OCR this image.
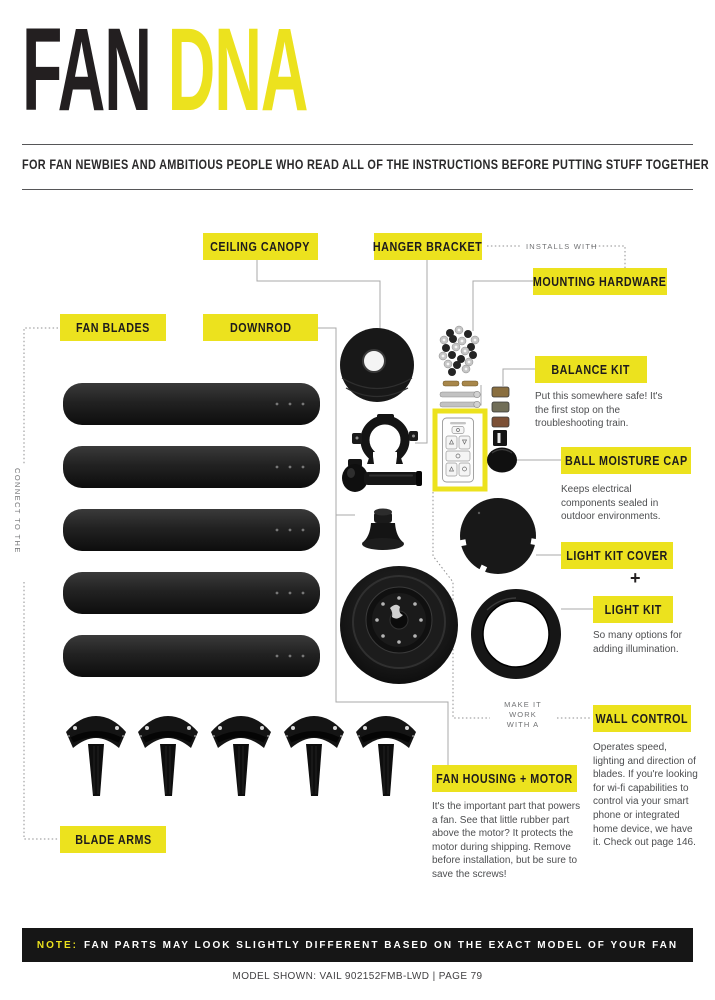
FAN DNA
FOR FAN NEWBIES AND AMBITIOUS PEOPLE WHO READ ALL OF THE INSTRUCTIONS BEFORE PUTTING STUFF TOGETHER
CEILING CANOPY	HANGER BRACKET
MOUNTING HARDWARE
FAN BLADES	DOWNROD
BALANCE KIT
BALL MOISTURE CAP
LIGHT KIT COVER
LIGHT KIT
WALL CONTROL
FAN HOUSING + MOTOR
BLADE ARMS
INSTALLS WITH
CONNECT TO THE
MAKE IT
WORK
WITH A
+
Put this somewhere safe! It's the first stop on the troubleshooting train.
Keeps electrical components sealed in outdoor environments.
So many options for adding illumination.
Operates speed, lighting and direction of blades. If you're looking for wi-fi capabilities to control via your smart phone or integrated home device, we have it. Check out page 146.
It's the important part that powers a fan. See that little rubber part above the motor? It protects the motor during shipping. Remove before installation, but be sure to save the screws!
NOTE: FAN PARTS MAY LOOK SLIGHTLY DIFFERENT BASED ON THE EXACT MODEL OF YOUR FAN
MODEL SHOWN: VAIL 902152FMB-LWD | PAGE 79
